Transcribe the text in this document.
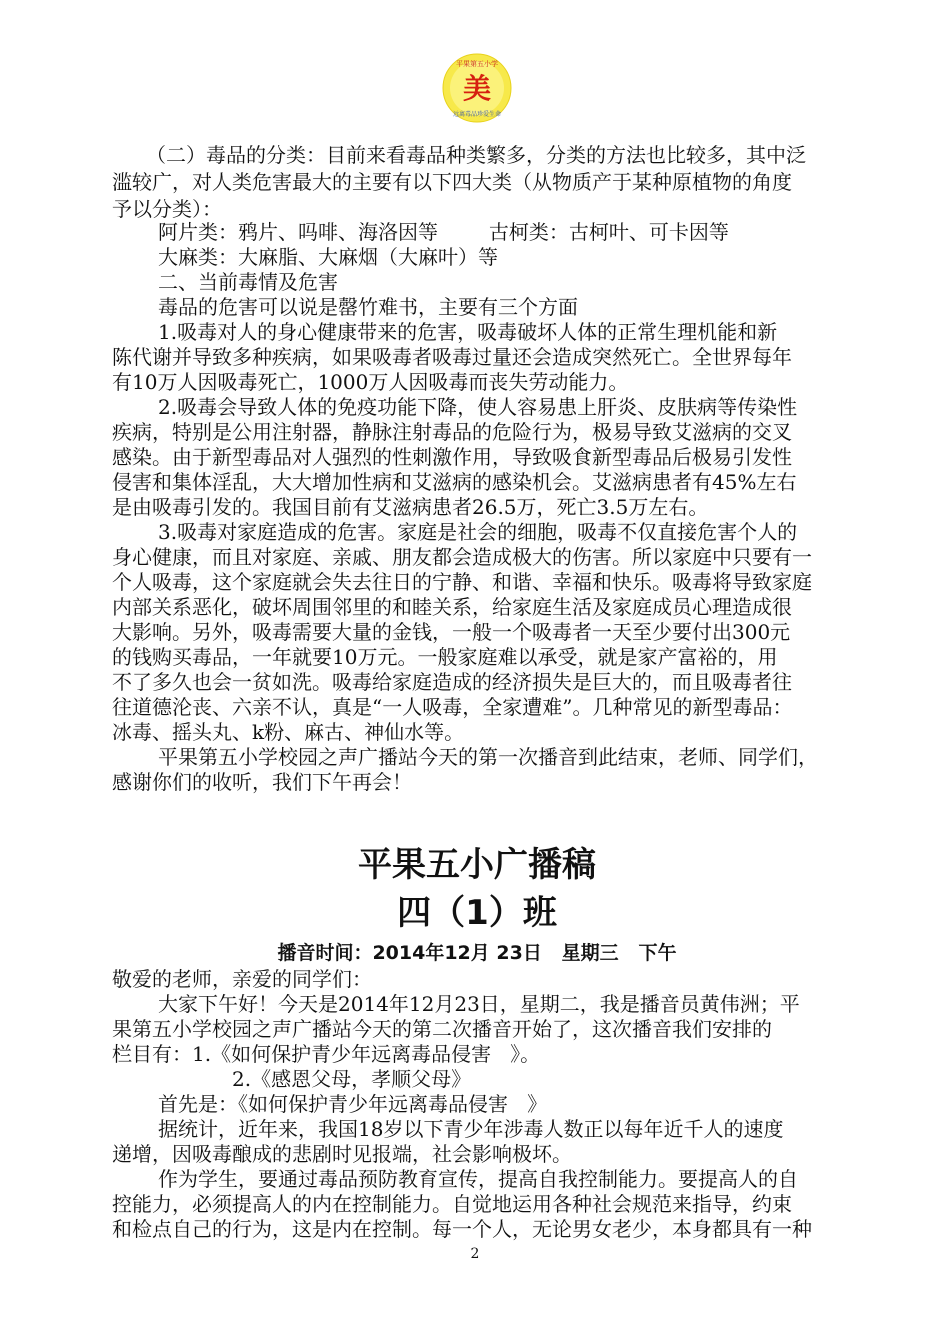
美
平果第五小学
远离毒品珍爱生命
（二）毒品的分类：目前来看毒品种类繁多，分类的方法也比较多，其中泛
滥较广，对人类危害最大的主要有以下四大类（从物质产于某种原植物的角度
予以分类）：
阿片类：鸦片、吗啡、海洛因等        古柯类：古柯叶、可卡因等
大麻类：大麻脂、大麻烟（大麻叶）等
二、当前毒情及危害
毒品的危害可以说是罄竹难书，主要有三个方面
1.吸毒对人的身心健康带来的危害，吸毒破坏人体的正常生理机能和新
陈代谢并导致多种疾病，如果吸毒者吸毒过量还会造成突然死亡。全世界每年
有10万人因吸毒死亡，1000万人因吸毒而丧失劳动能力。
2.吸毒会导致人体的免疫功能下降，使人容易患上肝炎、皮肤病等传染性
疾病，特别是公用注射器，静脉注射毒品的危险行为，极易导致艾滋病的交叉
感染。由于新型毒品对人强烈的性刺激作用，导致吸食新型毒品后极易引发性
侵害和集体淫乱，大大增加性病和艾滋病的感染机会。艾滋病患者有45%左右
是由吸毒引发的。我国目前有艾滋病患者26.5万，死亡3.5万左右。
3.吸毒对家庭造成的危害。家庭是社会的细胞，吸毒不仅直接危害个人的
身心健康，而且对家庭、亲戚、朋友都会造成极大的伤害。所以家庭中只要有一
个人吸毒，这个家庭就会失去往日的宁静、和谐、幸福和快乐。吸毒将导致家庭
内部关系恶化，破坏周围邻里的和睦关系，给家庭生活及家庭成员心理造成很
大影响。另外，吸毒需要大量的金钱，一般一个吸毒者一天至少要付出300元
的钱购买毒品，一年就要10万元。一般家庭难以承受，就是家产富裕的，用
不了多久也会一贫如洗。吸毒给家庭造成的经济损失是巨大的，而且吸毒者往
往道德沦丧、六亲不认，真是“一人吸毒，全家遭难”。几种常见的新型毒品：
冰毒、摇头丸、k粉、麻古、神仙水等。
平果第五小学校园之声广播站今天的第一次播音到此结束，老师、同学们，
感谢你们的收听，我们下午再会！
平果五小广播稿
四（1）班
播音时间：2014年12月 23日   星期三   下午
敬爱的老师，亲爱的同学们：
大家下午好！今天是2014年12月23日，星期二，我是播音员黄伟洲；平
果第五小学校园之声广播站今天的第二次播音开始了，这次播音我们安排的
栏目有：1.《如何保护青少年远离毒品侵害   》。
2.《感恩父母，孝顺父母》
首先是：《如何保护青少年远离毒品侵害   》
据统计，近年来，我国18岁以下青少年涉毒人数正以每年近千人的速度
递增，因吸毒酿成的悲剧时见报端，社会影响极坏。
作为学生，要通过毒品预防教育宣传，提高自我控制能力。要提高人的自
控能力，必须提高人的内在控制能力。自觉地运用各种社会规范来指导，约束
和检点自己的行为，这是内在控制。每一个人，无论男女老少，本身都具有一种
2
